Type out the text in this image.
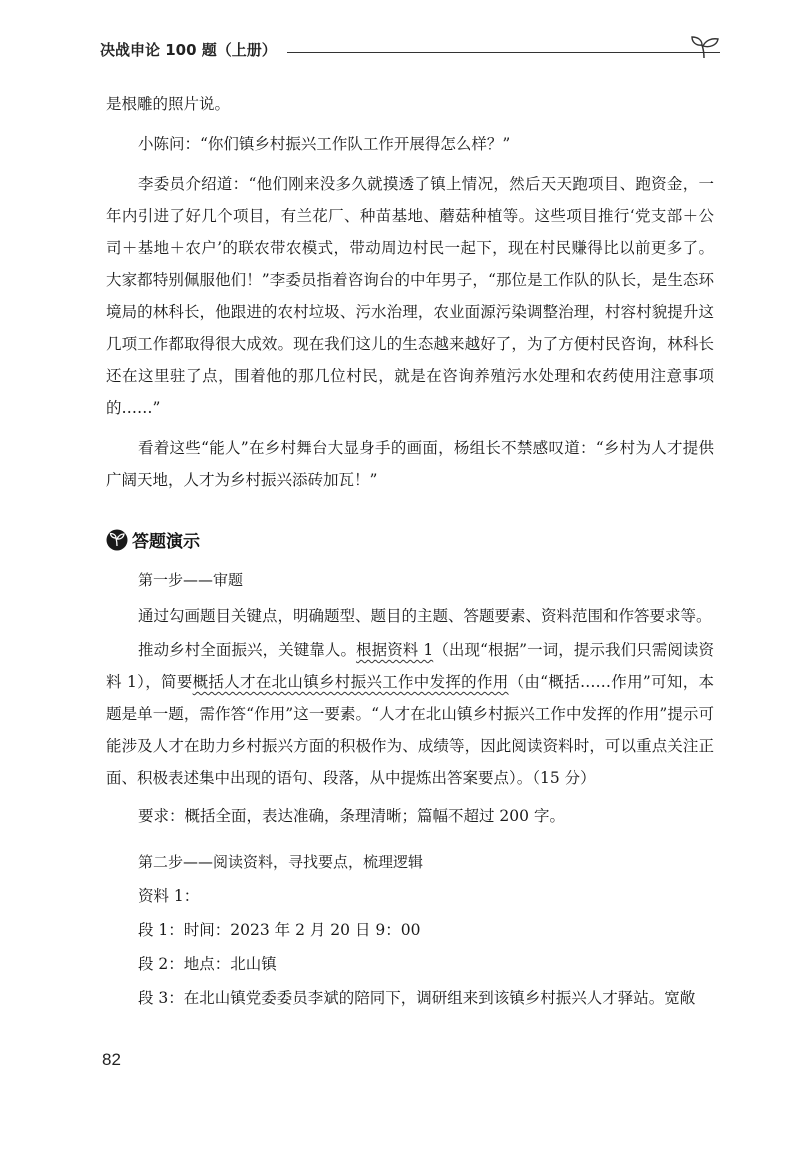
决战申论 100 题（上册）

是根雕的照片说。

小陈问：“你们镇乡村振兴工作队工作开展得怎么样？”

李委员介绍道：“他们刚来没多久就摸透了镇上情况，然后天天跑项目、跑资金，一年内引进了好几个项目，有兰花厂、种苗基地、蘑菇种植等。这些项目推行‘党支部＋公司＋基地＋农户’的联农带农模式，带动周边村民一起下，现在村民赚得比以前更多了。大家都特别佩服他们！”李委员指着咨询台的中年男子，“那位是工作队的队长，是生态环境局的林科长，他跟进的农村垃圾、污水治理，农业面源污染调整治理，村容村貌提升这几项工作都取得很大成效。现在我们这儿的生态越来越好了，为了方便村民咨询，林科长还在这里驻了点，围着他的那几位村民，就是在咨询养殖污水处理和农药使用注意事项的……”

看着这些“能人”在乡村舞台大显身手的画面，杨组长不禁感叹道：“乡村为人才提供广阔天地，人才为乡村振兴添砖加瓦！”

答题演示

第一步——审题

通过勾画题目关键点，明确题型、题目的主题、答题要素、资料范围和作答要求等。

推动乡村全面振兴，关键靠人。根据资料 1（出现“根据”一词，提示我们只需阅读资料 1），简要概括人才在北山镇乡村振兴工作中发挥的作用（由“概括……作用”可知，本题是单一题，需作答“作用”这一要素。“人才在北山镇乡村振兴工作中发挥的作用”提示可能涉及人才在助力乡村振兴方面的积极作为、成绩等，因此阅读资料时，可以重点关注正面、积极表述集中出现的语句、段落，从中提炼出答案要点）。（15 分）

要求：概括全面，表达准确，条理清晰；篇幅不超过 200 字。

第二步——阅读资料，寻找要点，梳理逻辑

资料 1：

段 1：时间：2023 年 2 月 20 日 9：00

段 2：地点：北山镇

段 3：在北山镇党委委员李斌的陪同下，调研组来到该镇乡村振兴人才驿站。宽敞

82
